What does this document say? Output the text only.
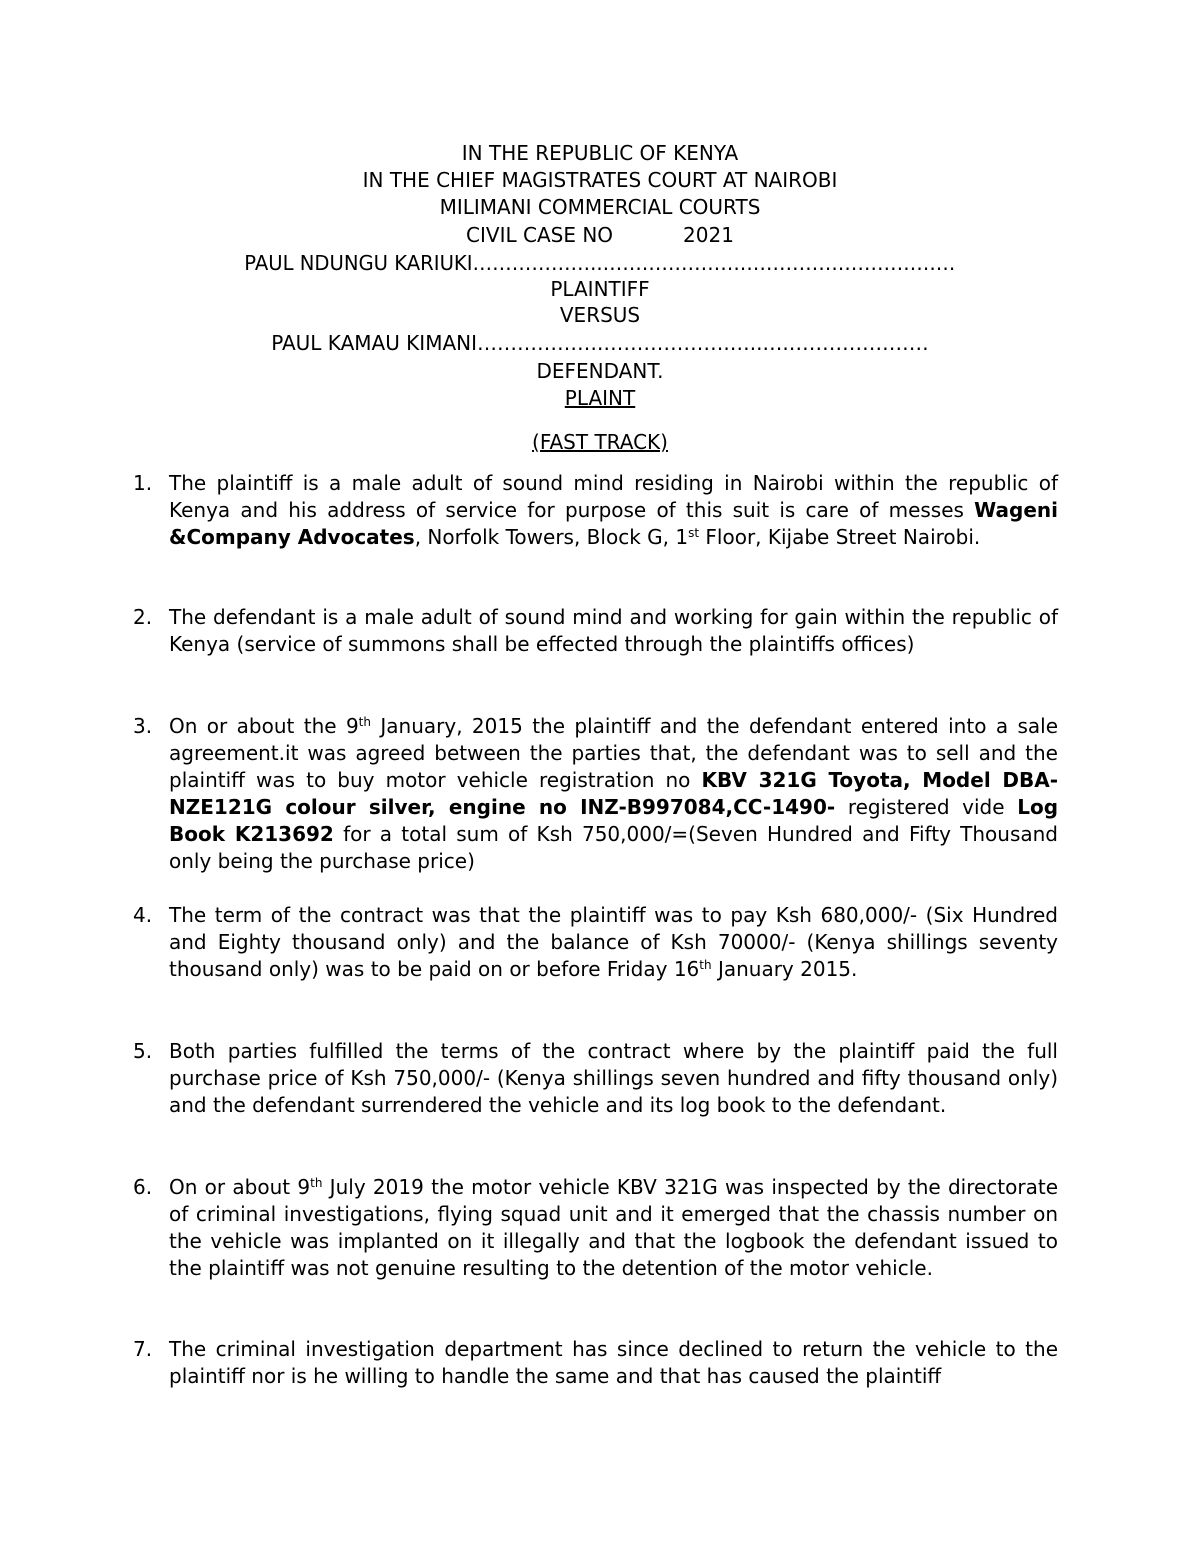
IN THE REPUBLIC OF KENYA
IN THE CHIEF MAGISTRATES COURT AT NAIROBI
MILIMANI COMMERCIAL COURTS
CIVIL CASE NO	2021
PAUL NDUNGU KARIUKI………………..………………………………………………
PLAINTIFF
VERSUS
PAUL KAMAU KIMANI……………….……………….…..….…………………
DEFENDANT.
PLAINT
(FAST TRACK)
1. The plaintiff is a male adult of sound mind residing in Nairobi within the republic of Kenya and his address of service for purpose of this suit is care of messes Wageni &Company Advocates, Norfolk Towers, Block G, 1st Floor, Kijabe Street Nairobi.
2. The defendant is a male adult of sound mind and working for gain within the republic of Kenya (service of summons shall be effected through the plaintiffs offices)
3. On or about the 9th January, 2015 the plaintiff and the defendant entered into a sale agreement.it was agreed between the parties that, the defendant was to sell and the plaintiff was to buy motor vehicle registration no KBV 321G Toyota, Model DBA-NZE121G colour silver, engine no INZ-B997084,CC-1490- registered vide Log Book K213692 for a total sum of Ksh 750,000/=(Seven Hundred and Fifty Thousand only being the purchase price)
4. The term of the contract was that the plaintiff was to pay Ksh 680,000/- (Six Hundred and Eighty thousand only) and the balance of Ksh 70000/- (Kenya shillings seventy thousand only) was to be paid on or before Friday 16th January 2015.
5. Both parties fulfilled the terms of the contract where by the plaintiff paid the full purchase price of Ksh 750,000/- (Kenya shillings seven hundred and fifty thousand only) and the defendant surrendered the vehicle and its log book to the defendant.
6. On or about 9th July 2019 the motor vehicle KBV 321G was inspected by the directorate of criminal investigations, flying squad unit and it emerged that the chassis number on the vehicle was implanted on it illegally and that the logbook the defendant issued to the plaintiff was not genuine resulting to the detention of the motor vehicle.
7. The criminal investigation department has since declined to return the vehicle to the plaintiff nor is he willing to handle the same and that has caused the plaintiff
